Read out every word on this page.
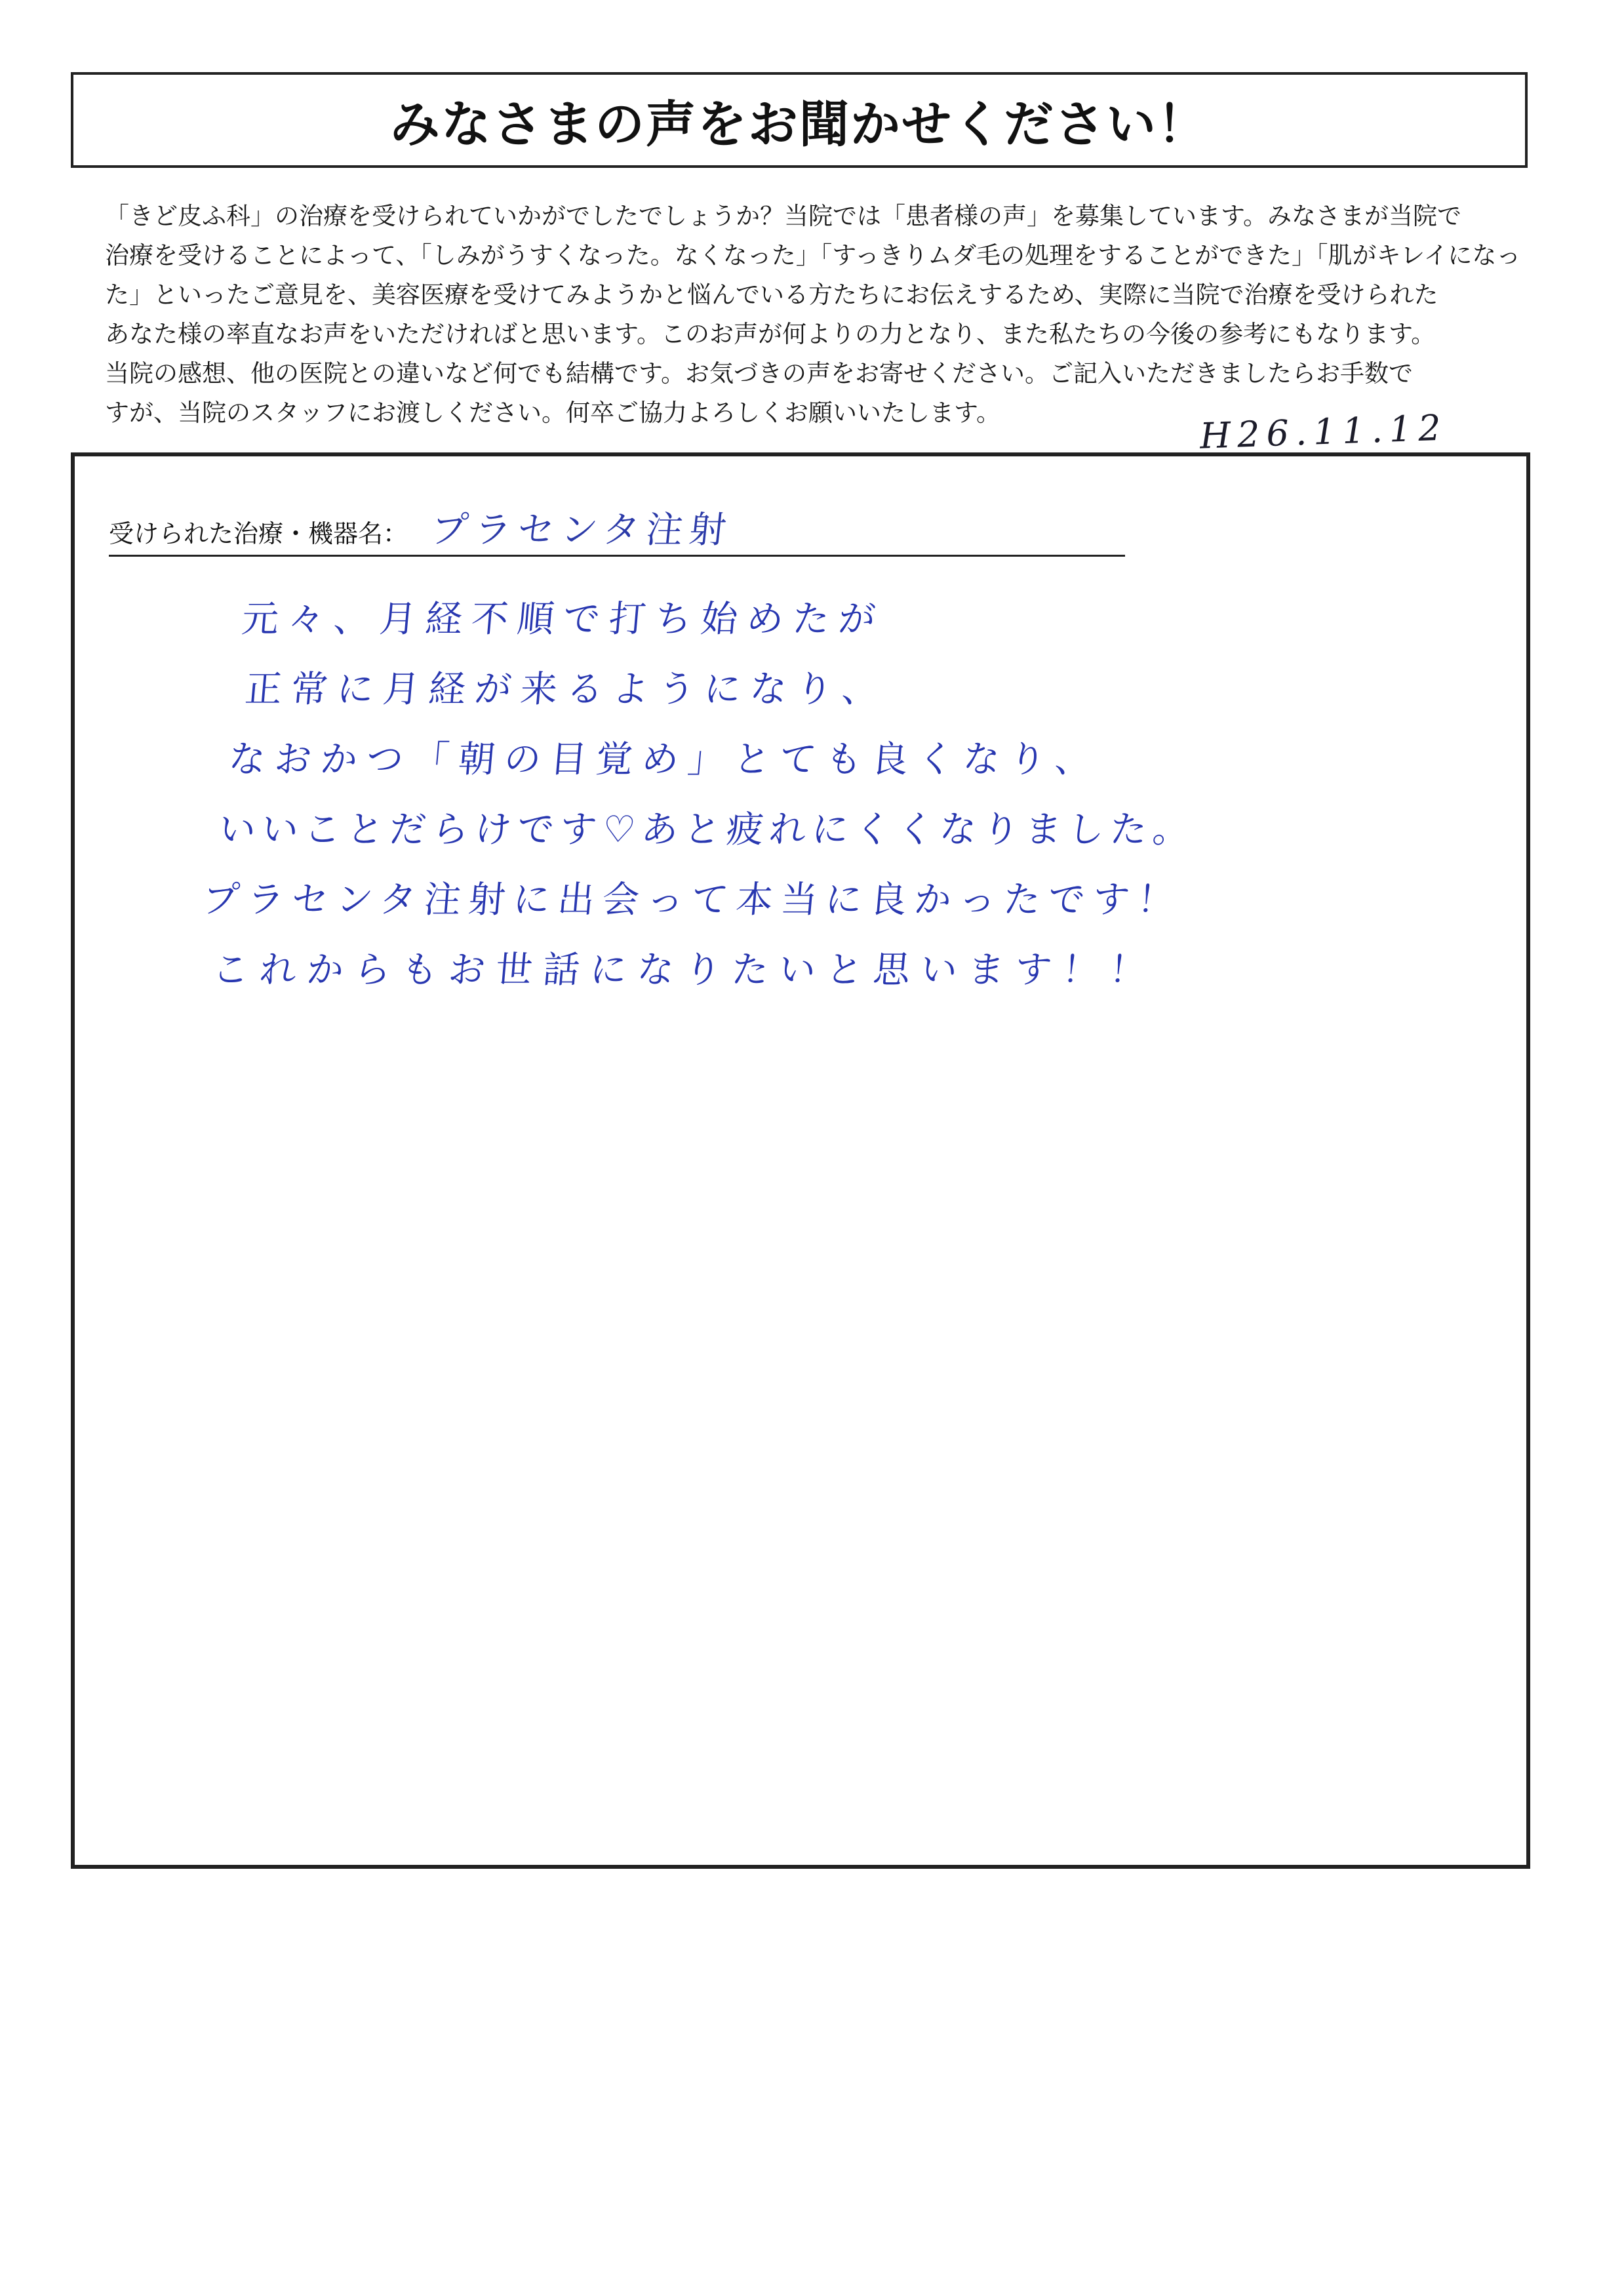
みなさまの声をお聞かせください！
「きど皮ふ科」の治療を受けられていかがでしたでしょうか？当院では「患者様の声」を募集しています。みなさまが当院で
治療を受けることによって、「しみがうすくなった。なくなった」「すっきりムダ毛の処理をすることができた」「肌がキレイになっ
た」といったご意見を、美容医療を受けてみようかと悩んでいる方たちにお伝えするため、実際に当院で治療を受けられた
あなた様の率直なお声をいただければと思います。このお声が何よりの力となり、また私たちの今後の参考にもなります。
当院の感想、他の医院との違いなど何でも結構です。お気づきの声をお寄せください。ご記入いただきましたらお手数で
すが、当院のスタッフにお渡しください。何卒ご協力よろしくお願いいたします。	H26.11.12
受けられた治療・機器名： プラセンタ注射
元々、月経不順で打ち始めたが
正常に月経が来るようになり、
なおかつ「朝の目覚め」とても良くなり、
いいことだらけです♡あと疲れにくくなりました。
プラセンタ注射に出会って本当に良かったです！
これからもお世話になりたいと思います！！
